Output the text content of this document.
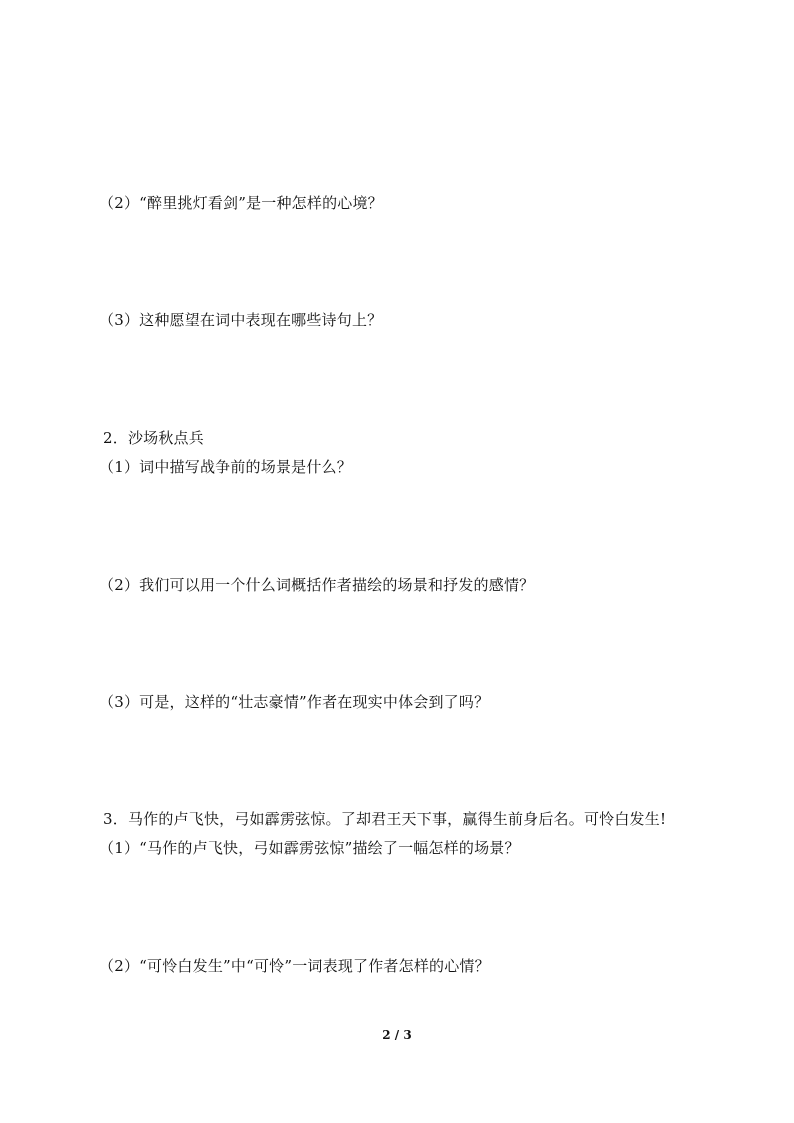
（2）“醉里挑灯看剑”是一种怎样的心境？
（3）这种愿望在词中表现在哪些诗句上？
2．沙场秋点兵
（1）词中描写战争前的场景是什么？
（2）我们可以用一个什么词概括作者描绘的场景和抒发的感情？
（3）可是，这样的“壮志豪情”作者在现实中体会到了吗？
3．马作的卢飞快，弓如霹雳弦惊。了却君王天下事，赢得生前身后名。可怜白发生!
（1）“马作的卢飞快，弓如霹雳弦惊”描绘了一幅怎样的场景？
（2）“可怜白发生”中“可怜”一词表现了作者怎样的心情？
2 / 3
